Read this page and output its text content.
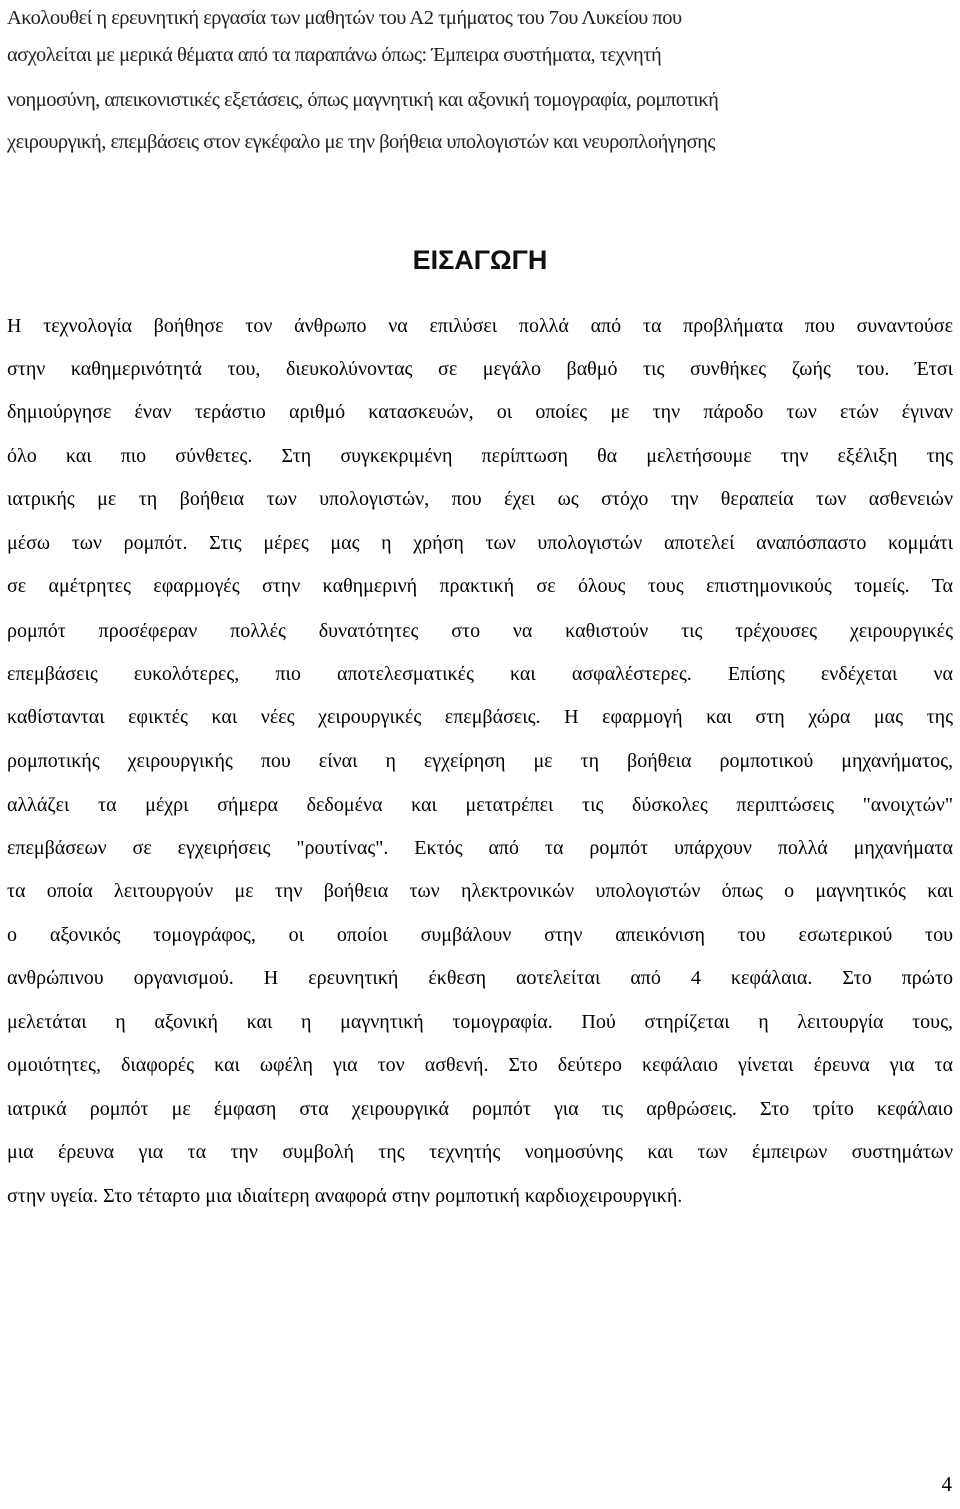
Ακολουθεί η ερευνητική εργασία των μαθητών του Α2 τμήματος του 7ου Λυκείου που
ασχολείται με μερικά θέματα από τα παραπάνω όπως: Έμπειρα συστήματα, τεχνητή
νοημοσύνη, απεικονιστικές εξετάσεις, όπως μαγνητική και αξονική τομογραφία, ρομποτική
χειρουργική, επεμβάσεις στον εγκέφαλο με την βοήθεια υπολογιστών και νευροπλοήγησης
ΕΙΣΑΓΩΓΗ
Η τεχνολογία βοήθησε τον άνθρωπο να επιλύσει πολλά από τα προβλήματα που συναντούσε
στην καθημερινότητά του, διευκολύνοντας σε μεγάλο βαθμό τις συνθήκες ζωής του. Έτσι
δημιούργησε έναν τεράστιο αριθμό κατασκευών, οι οποίες με την πάροδο των ετών έγιναν
όλο και πιο σύνθετες. Στη συγκεκριμένη περίπτωση θα μελετήσουμε την εξέλιξη της
ιατρικής με τη βοήθεια των υπολογιστών, που έχει ως στόχο την θεραπεία των ασθενειών
μέσω των ρομπότ. Στις μέρες μας η χρήση των υπολογιστών αποτελεί αναπόσπαστο κομμάτι
σε αμέτρητες εφαρμογές στην καθημερινή πρακτική σε όλους τους επιστημονικούς τομείς. Τα
ρομπότ προσέφεραν πολλές δυνατότητες στο να καθιστούν τις τρέχουσες χειρουργικές
επεμβάσεις ευκολότερες, πιο αποτελεσματικές και ασφαλέστερες. Επίσης ενδέχεται να
καθίστανται εφικτές και νέες χειρουργικές επεμβάσεις. Η εφαρμογή και στη χώρα μας της
ρομποτικής χειρουργικής που είναι η εγχείρηση με τη βοήθεια ρομποτικού μηχανήματος,
αλλάζει τα μέχρι σήμερα δεδομένα και μετατρέπει τις δύσκολες περιπτώσεις "ανοιχτών"
επεμβάσεων σε εγχειρήσεις "ρουτίνας". Εκτός από τα ρομπότ υπάρχουν πολλά μηχανήματα
τα οποία λειτουργούν με την βοήθεια των ηλεκτρονικών υπολογιστών όπως ο μαγνητικός και
ο αξονικός τομογράφος, οι οποίοι συμβάλουν στην απεικόνιση του εσωτερικού του
ανθρώπινου οργανισμού. Η ερευνητική έκθεση αοτελείται από 4 κεφάλαια. Στο πρώτο
μελετάται η αξονική και η μαγνητική τομογραφία. Πού στηρίζεται η λειτουργία τους,
ομοιότητες, διαφορές και ωφέλη για τον ασθενή. Στο δεύτερο κεφάλαιο γίνεται έρευνα για τα
ιατρικά ρομπότ με έμφαση στα χειρουργικά ρομπότ για τις αρθρώσεις. Στο τρίτο κεφάλαιο
μια έρευνα για τα την συμβολή της τεχνητής νοημοσύνης και των έμπειρων συστημάτων
στην υγεία. Στο τέταρτο μια ιδιαίτερη αναφορά στην ρομποτική καρδιοχειρουργική.
4
